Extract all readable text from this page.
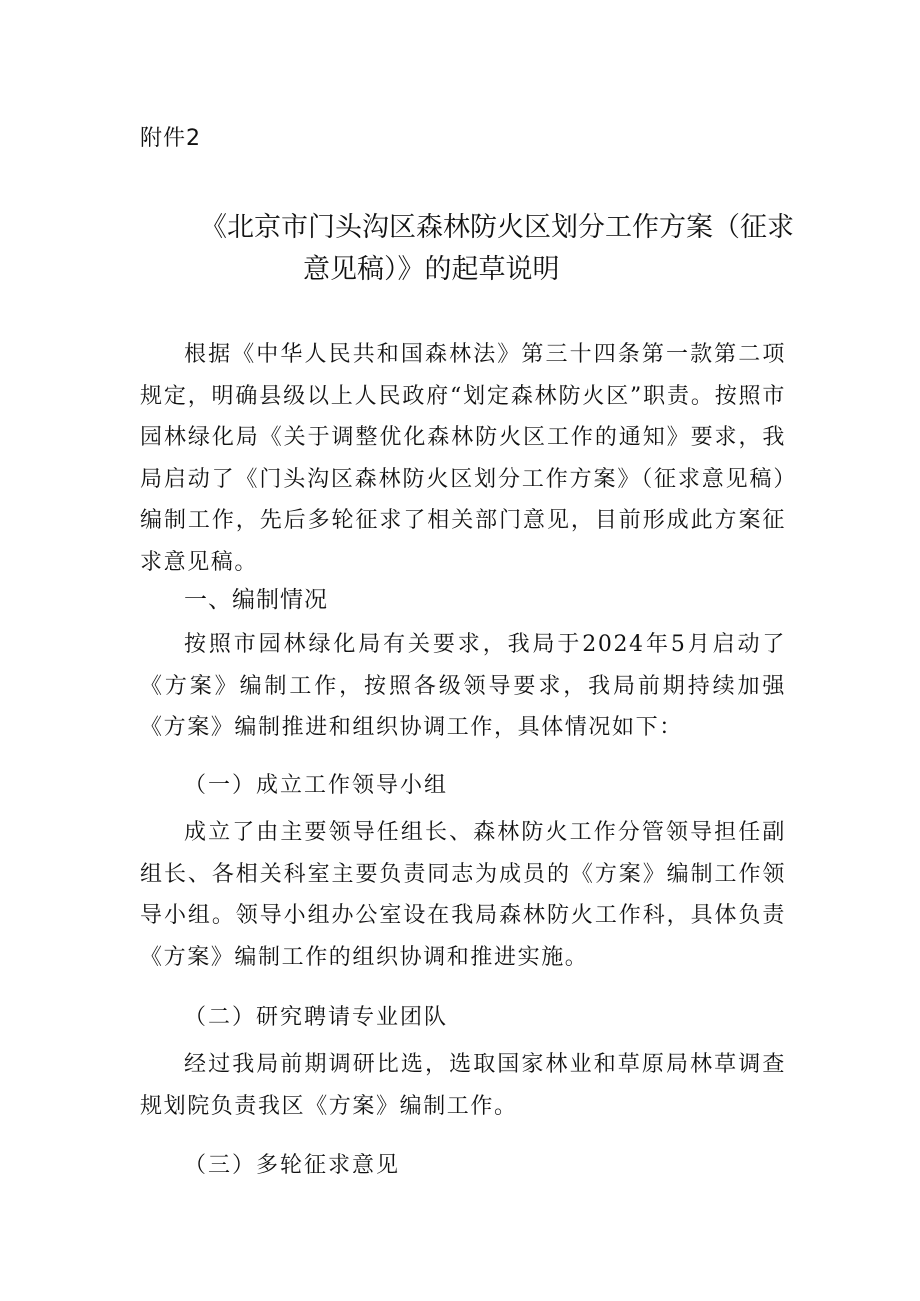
附件2
《北京市门头沟区森林防火区划分工作方案（征求
意见稿）》的起草说明

根据《中华人民共和国森林法》第三十四条第一款第二项规定，明确县级以上人民政府“划定森林防火区”职责。按照市园林绿化局《关于调整优化森林防火区工作的通知》要求，我局启动了《门头沟区森林防火区划分工作方案》（征求意见稿）编制工作，先后多轮征求了相关部门意见，目前形成此方案征求意见稿。

一、编制情况

按照市园林绿化局有关要求，我局于2024年5月启动了《方案》编制工作，按照各级领导要求，我局前期持续加强《方案》编制推进和组织协调工作，具体情况如下：

（一）成立工作领导小组

成立了由主要领导任组长、森林防火工作分管领导担任副组长、各相关科室主要负责同志为成员的《方案》编制工作领导小组。领导小组办公室设在我局森林防火工作科，具体负责《方案》编制工作的组织协调和推进实施。

（二）研究聘请专业团队

经过我局前期调研比选，选取国家林业和草原局林草调查规划院负责我区《方案》编制工作。

（三）多轮征求意见
